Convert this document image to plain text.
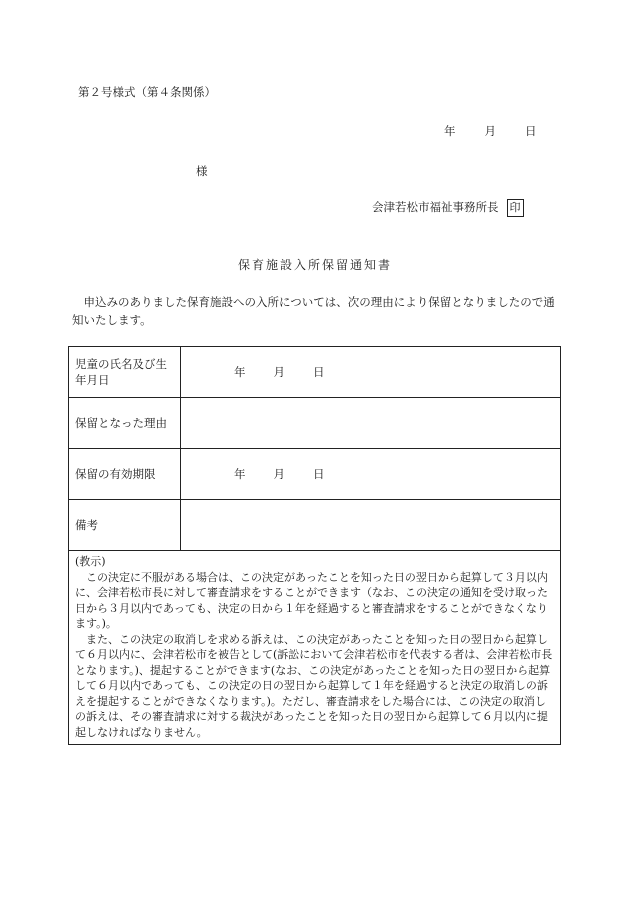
第２号様式（第４条関係）
年	月	日
様
会津若松市福祉事務所長 印
保育施設入所保留通知書
申込みのありました保育施設への入所については、次の理由により保留となりましたので通知いたします。
児童の氏名及び生年月日	年 月 日
保留となった理由	
保留の有効期限	年 月 日
備考	

(教示)

この決定に不服がある場合は、この決定があったことを知った日の翌日から起算して３月以内に、会津若松市長に対して審査請求をすることができます（なお、この決定の通知を受け取った日から３月以内であっても、決定の日から１年を経過すると審査請求をすることができなくなります。)。

また、この決定の取消しを求める訴えは、この決定があったことを知った日の翌日から起算して６月以内に、会津若松市を被告として(訴訟において会津若松市を代表する者は、会津若松市長となります。)、提起することができます(なお、この決定があったことを知った日の翌日から起算して６月以内であっても、この決定の日の翌日から起算して１年を経過すると決定の取消しの訴えを提起することができなくなります。)。ただし、審査請求をした場合には、この決定の取消しの訴えは、その審査請求に対する裁決があったことを知った日の翌日から起算して６月以内に提起しなければなりません。	
